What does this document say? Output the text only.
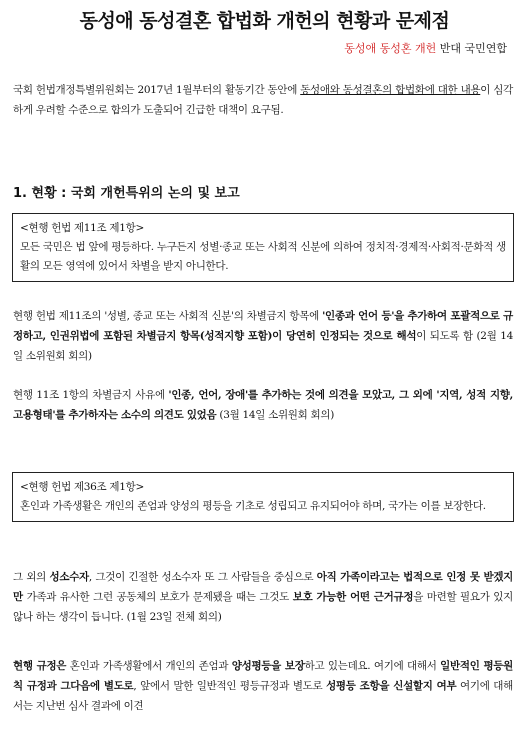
동성애 동성결혼 합법화 개헌의 현황과 문제점
동성애 동성혼 개헌 반대 국민연합
국회 헌법개정특별위원회는 2017년 1월부터의 활동기간 동안에 동성애와 동성결혼의 합법화에 대한 내용이 심각하게 우려할 수준으로 합의가 도출되어 긴급한 대책이 요구됨.
1. 현황 : 국회 개헌특위의 논의 및 보고
<현행 헌법 제11조 제1항>
모든 국민은 법 앞에 평등하다. 누구든지 성별·종교 또는 사회적 신분에 의하여 정치적·경제적·사회적·문화적 생활의 모든 영역에 있어서 차별을 받지 아니한다.
현행 헌법 제11조의 '성별, 종교 또는 사회적 신분'의 차별금지 항목에 '인종과 언어 등'을 추가하여 포괄적으로 규정하고, 인권위법에 포함된 차별금지 항목(성적지향 포함)이 당연히 인정되는 것으로 해석이 되도록 함 (2월 14일 소위원회 회의)
현행 11조 1항의 차별금지 사유에 '인종, 언어, 장애'를 추가하는 것에 의견을 모았고, 그 외에 '지역, 성적 지향, 고용형태'를 추가하자는 소수의 의견도 있었음 (3월 14일 소위원회 회의)
<현행 헌법 제36조 제1항>
혼인과 가족생활은 개인의 존엄과 양성의 평등을 기초로 성립되고 유지되어야 하며, 국가는 이를 보장한다.
그 외의 성소수자, 그것이 긴절한 성소수자 또 그 사람들을 중심으로 아직 가족이라고는 법적으로 인정 못 받겠지만 가족과 유사한 그런 공동체의 보호가 문제됐을 때는 그것도 보호 가능한 어떤 근거규정을 마련할 필요가 있지 않나 하는 생각이 듭니다. (1월 23일 전체 회의)
현행 규정은 혼인과 가족생활에서 개인의 존엄과 양성평등을 보장하고 있는데요. 여기에 대해서 일반적인 평등원칙 규정과 그다음에 별도로, 앞에서 말한 일반적인 평등규정과 별도로 성평등 조항을 신설할지 여부 여기에 대해서는 지난번 심사 결과에 이견
